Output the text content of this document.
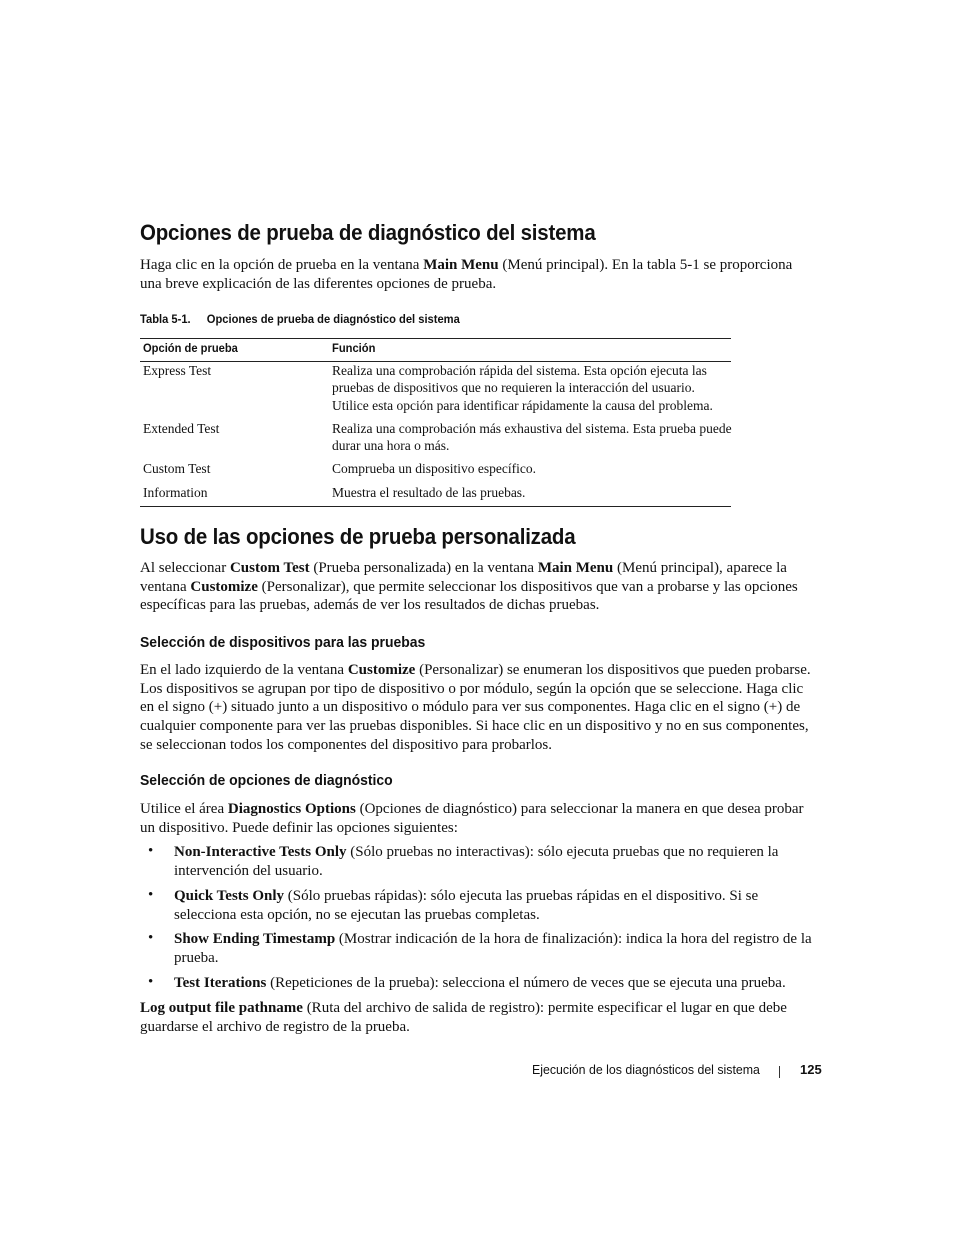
Opciones de prueba de diagnóstico del sistema

Haga clic en la opción de prueba en la ventana Main Menu (Menú principal). En la tabla 5-1 se proporciona una breve explicación de las diferentes opciones de prueba.

Tabla 5-1. Opciones de prueba de diagnóstico del sistema
Opción de prueba	Función
Express Test	Realiza una comprobación rápida del sistema. Esta opción ejecuta las pruebas de dispositivos que no requieren la interacción del usuario. Utilice esta opción para identificar rápidamente la causa del problema.
Extended Test	Realiza una comprobación más exhaustiva del sistema. Esta prueba puede durar una hora o más.
Custom Test	Comprueba un dispositivo específico.
Information	Muestra el resultado de las pruebas.
Uso de las opciones de prueba personalizada

Al seleccionar Custom Test (Prueba personalizada) en la ventana Main Menu (Menú principal), aparece la ventana Customize (Personalizar), que permite seleccionar los dispositivos que van a probarse y las opciones específicas para las pruebas, además de ver los resultados de dichas pruebas.

Selección de dispositivos para las pruebas

En el lado izquierdo de la ventana Customize (Personalizar) se enumeran los dispositivos que pueden probarse. Los dispositivos se agrupan por tipo de dispositivo o por módulo, según la opción que se seleccione. Haga clic en el signo (+) situado junto a un dispositivo o módulo para ver sus componentes. Haga clic en el signo (+) de cualquier componente para ver las pruebas disponibles. Si hace clic en un dispositivo y no en sus componentes, se seleccionan todos los componentes del dispositivo para probarlos.

Selección de opciones de diagnóstico

Utilice el área Diagnostics Options (Opciones de diagnóstico) para seleccionar la manera en que desea probar un dispositivo. Puede definir las opciones siguientes:

• Non-Interactive Tests Only (Sólo pruebas no interactivas): sólo ejecuta pruebas que no requieren la intervención del usuario.

• Quick Tests Only (Sólo pruebas rápidas): sólo ejecuta las pruebas rápidas en el dispositivo. Si se selecciona esta opción, no se ejecutan las pruebas completas.

• Show Ending Timestamp (Mostrar indicación de la hora de finalización): indica la hora del registro de la prueba.

• Test Iterations (Repeticiones de la prueba): selecciona el número de veces que se ejecuta una prueba.

Log output file pathname (Ruta del archivo de salida de registro): permite especificar el lugar en que debe guardarse el archivo de registro de la prueba.

Ejecución de los diagnósticos del sistema	125
